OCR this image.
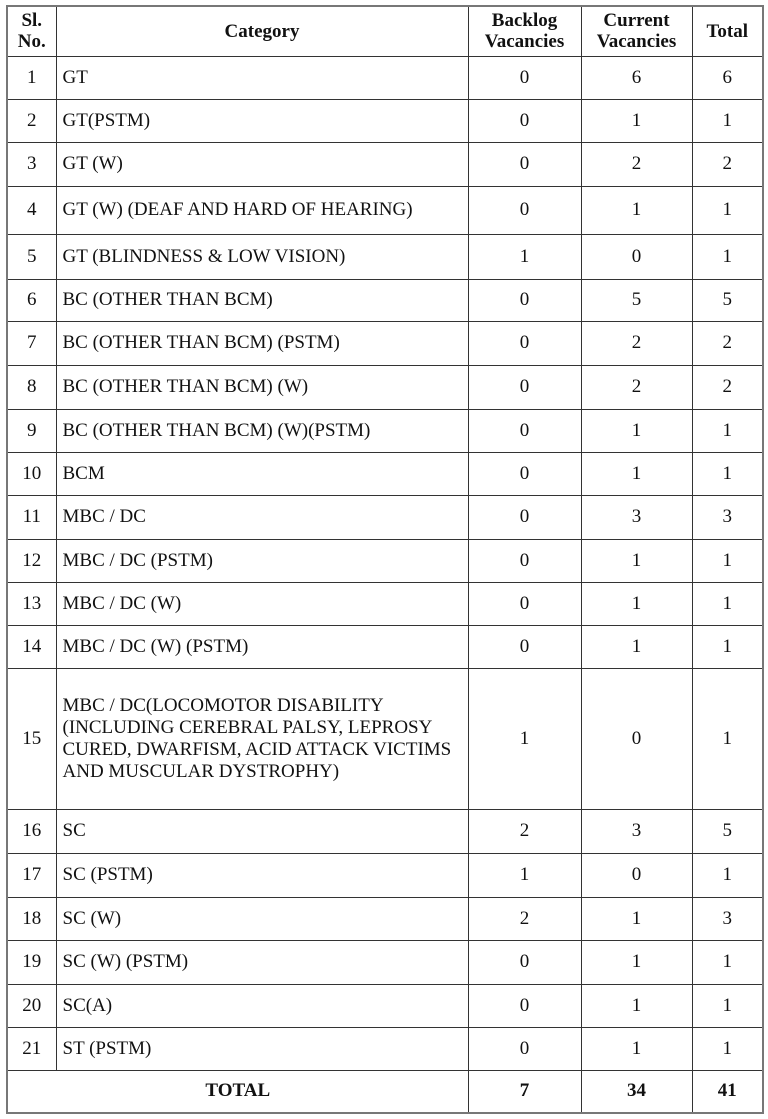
Sl. No.	Category	Backlog Vacancies	Current Vacancies	Total
1	GT	0	6	6
2	GT(PSTM)	0	1	1
3	GT (W)	0	2	2
4	GT (W) (DEAF AND HARD OF HEARING)	0	1	1
5	GT (BLINDNESS & LOW VISION)	1	0	1
6	BC (OTHER THAN BCM)	0	5	5
7	BC (OTHER THAN BCM) (PSTM)	0	2	2
8	BC (OTHER THAN BCM) (W)	0	2	2
9	BC (OTHER THAN BCM) (W)(PSTM)	0	1	1
10	BCM	0	1	1
11	MBC / DC	0	3	3
12	MBC / DC (PSTM)	0	1	1
13	MBC / DC (W)	0	1	1
14	MBC / DC (W) (PSTM)	0	1	1
15	MBC / DC(LOCOMOTOR DISABILITY (INCLUDING CEREBRAL PALSY, LEPROSY CURED, DWARFISM, ACID ATTACK VICTIMS AND MUSCULAR DYSTROPHY)	1	0	1
16	SC	2	3	5
17	SC (PSTM)	1	0	1
18	SC (W)	2	1	3
19	SC (W) (PSTM)	0	1	1
20	SC(A)	0	1	1
21	ST (PSTM)	0	1	1
TOTAL		7	34	41
